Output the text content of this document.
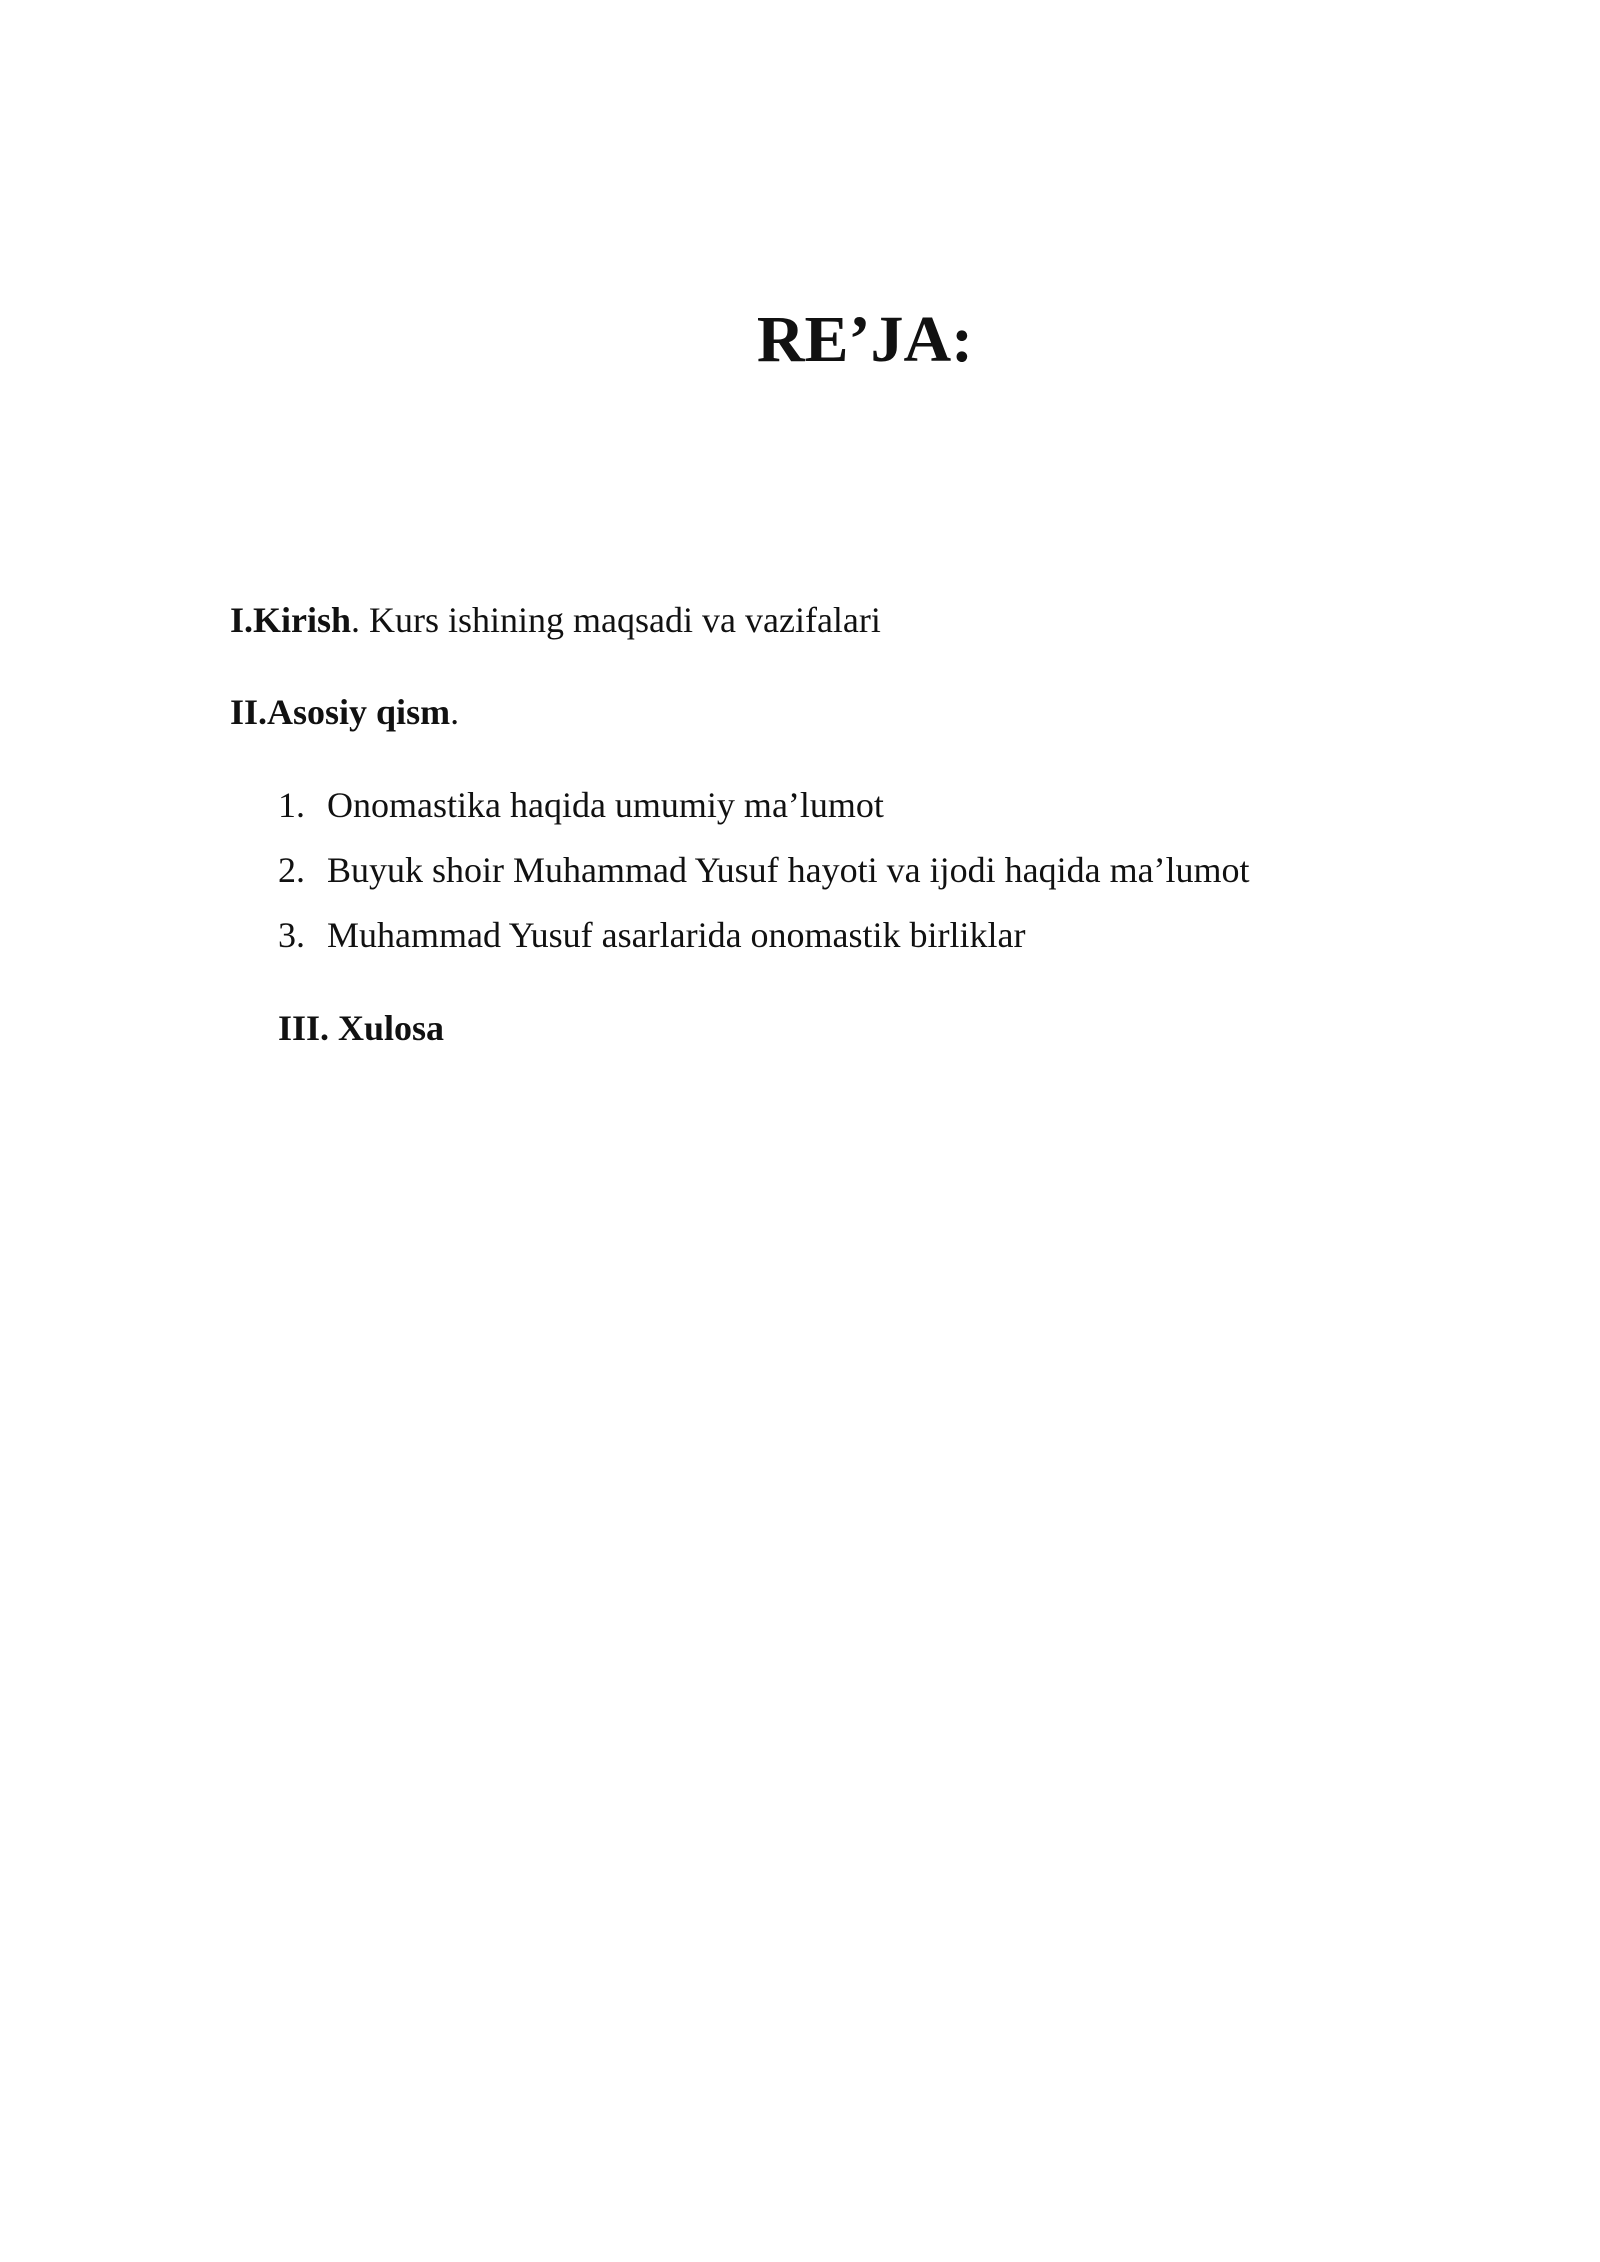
RE’JA:

I.Kirish. Kurs ishining maqsadi va vazifalari

II.Asosiy qism.

1. Onomastika haqida umumiy ma’lumot

2. Buyuk shoir Muhammad Yusuf hayoti va ijodi haqida ma’lumot

3. Muhammad Yusuf asarlarida onomastik birliklar

III. Xulosa
